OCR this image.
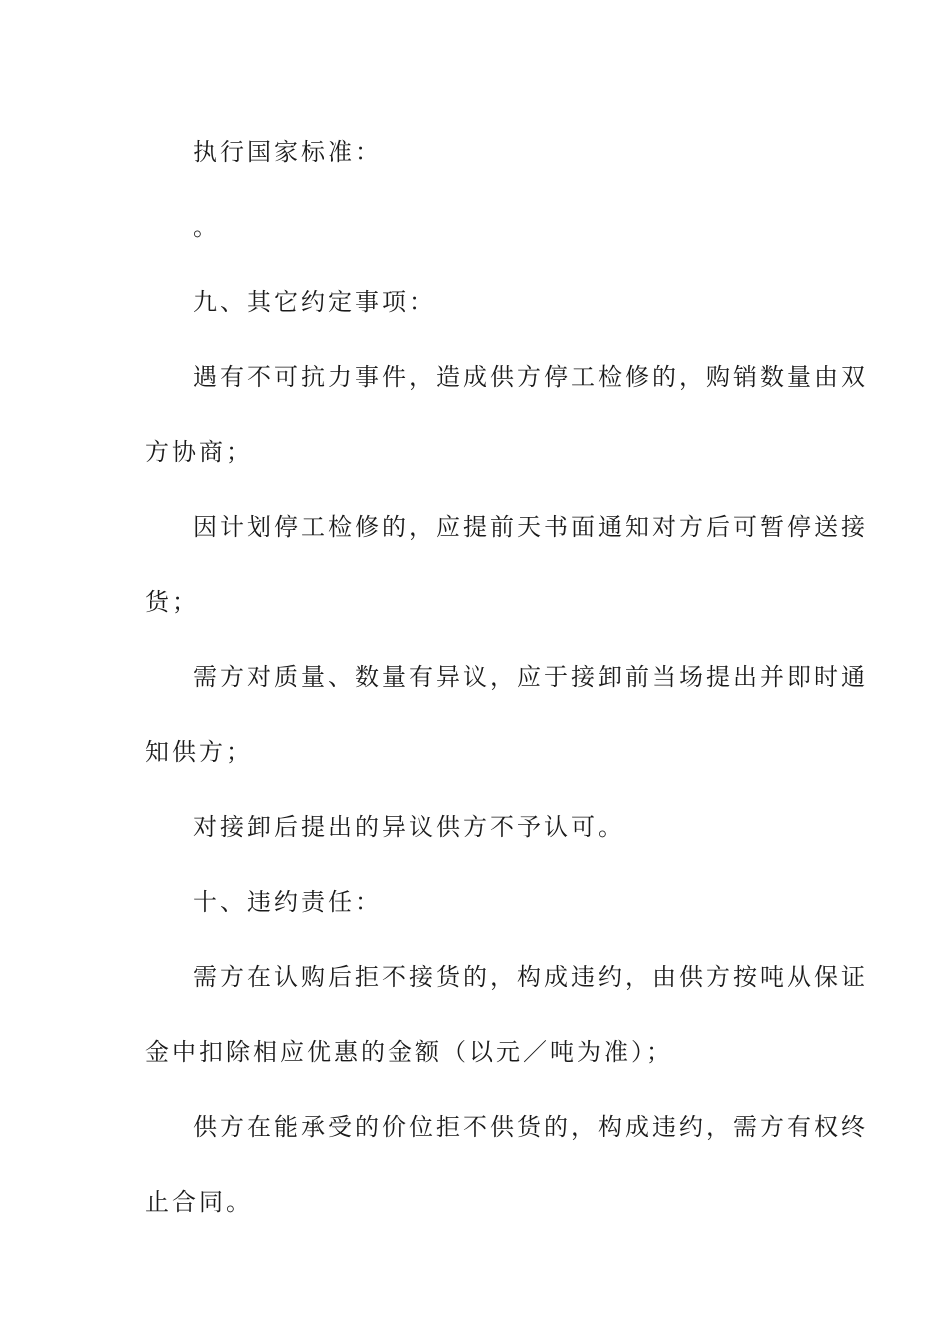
执行国家标准：
。
九、其它约定事项：
遇有不可抗力事件，造成供方停工检修的，购销数量由双
方协商；
因计划停工检修的，应提前天书面通知对方后可暂停送接
货；
需方对质量、数量有异议，应于接卸前当场提出并即时通
知供方；
对接卸后提出的异议供方不予认可。
十、违约责任：
需方在认购后拒不接货的，构成违约，由供方按吨从保证
金中扣除相应优惠的金额（以元／吨为准）；
供方在能承受的价位拒不供货的，构成违约，需方有权终
止合同。
